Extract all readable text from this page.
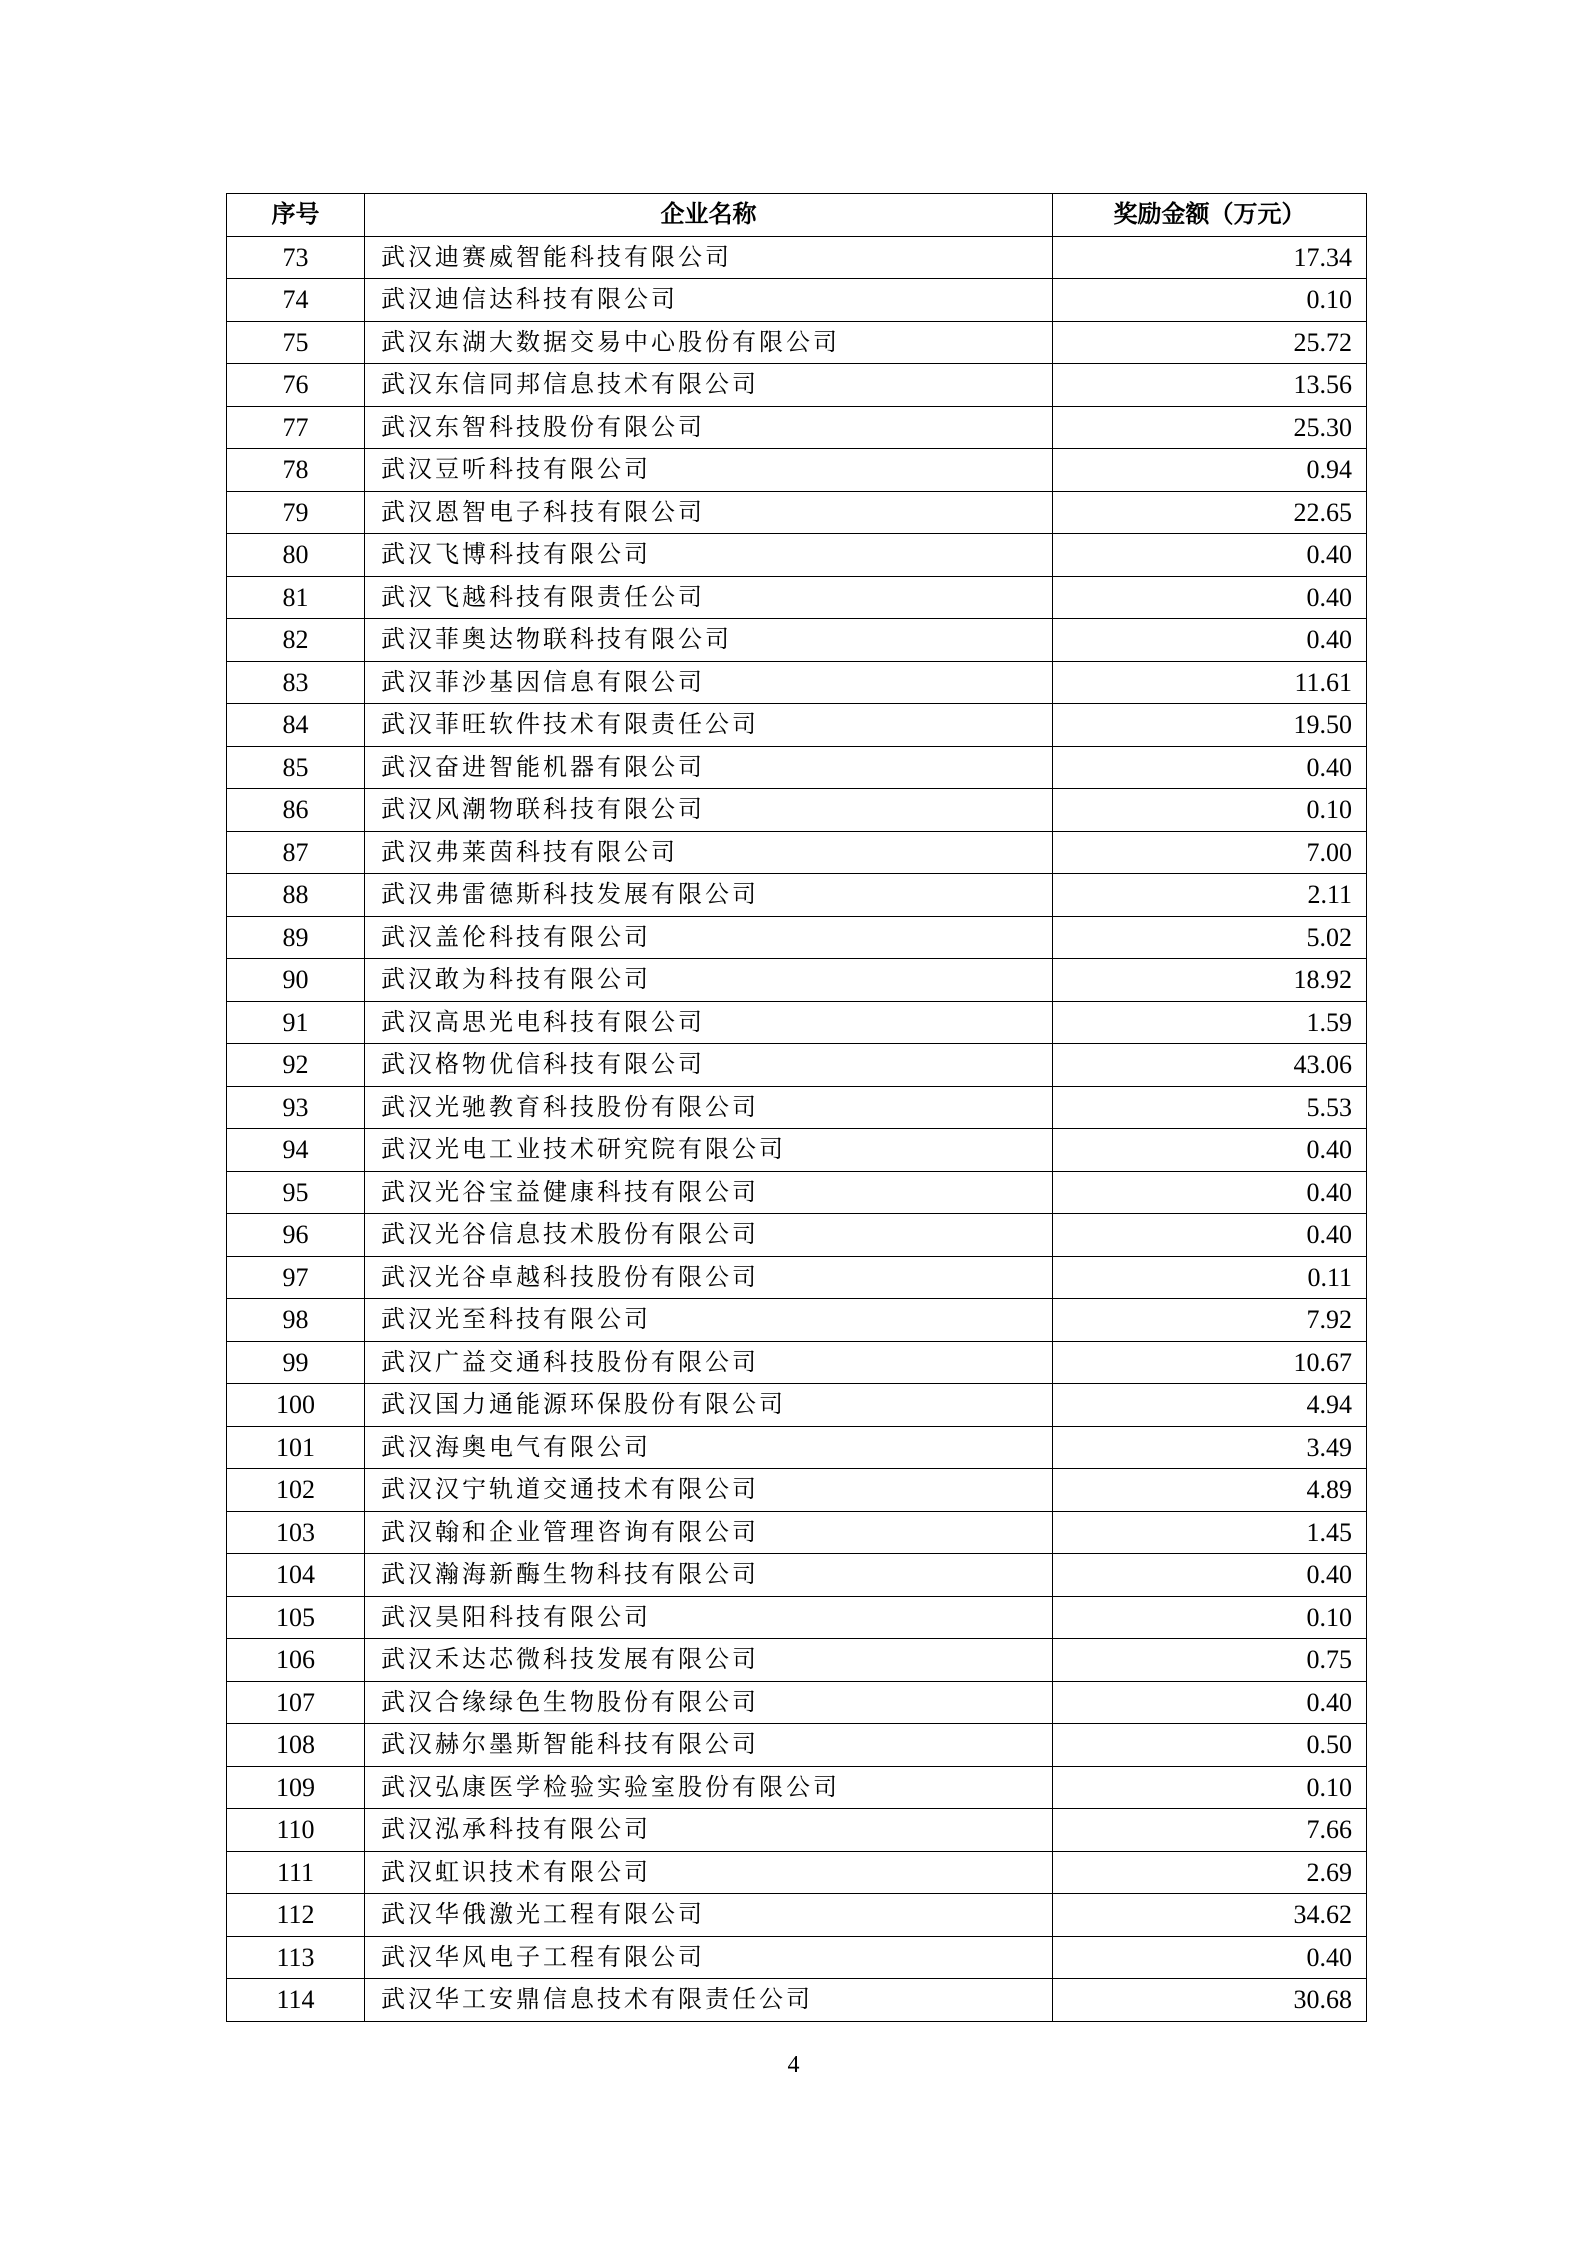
序号	企业名称	奖励金额（万元）
73	武汉迪赛威智能科技有限公司	17.34
74	武汉迪信达科技有限公司	0.10
75	武汉东湖大数据交易中心股份有限公司	25.72
76	武汉东信同邦信息技术有限公司	13.56
77	武汉东智科技股份有限公司	25.30
78	武汉豆听科技有限公司	0.94
79	武汉恩智电子科技有限公司	22.65
80	武汉飞博科技有限公司	0.40
81	武汉飞越科技有限责任公司	0.40
82	武汉菲奥达物联科技有限公司	0.40
83	武汉菲沙基因信息有限公司	11.61
84	武汉菲旺软件技术有限责任公司	19.50
85	武汉奋进智能机器有限公司	0.40
86	武汉风潮物联科技有限公司	0.10
87	武汉弗莱茵科技有限公司	7.00
88	武汉弗雷德斯科技发展有限公司	2.11
89	武汉盖伦科技有限公司	5.02
90	武汉敢为科技有限公司	18.92
91	武汉高思光电科技有限公司	1.59
92	武汉格物优信科技有限公司	43.06
93	武汉光驰教育科技股份有限公司	5.53
94	武汉光电工业技术研究院有限公司	0.40
95	武汉光谷宝益健康科技有限公司	0.40
96	武汉光谷信息技术股份有限公司	0.40
97	武汉光谷卓越科技股份有限公司	0.11
98	武汉光至科技有限公司	7.92
99	武汉广益交通科技股份有限公司	10.67
100	武汉国力通能源环保股份有限公司	4.94
101	武汉海奥电气有限公司	3.49
102	武汉汉宁轨道交通技术有限公司	4.89
103	武汉翰和企业管理咨询有限公司	1.45
104	武汉瀚海新酶生物科技有限公司	0.40
105	武汉昊阳科技有限公司	0.10
106	武汉禾达芯微科技发展有限公司	0.75
107	武汉合缘绿色生物股份有限公司	0.40
108	武汉赫尔墨斯智能科技有限公司	0.50
109	武汉弘康医学检验实验室股份有限公司	0.10
110	武汉泓承科技有限公司	7.66
111	武汉虹识技术有限公司	2.69
112	武汉华俄激光工程有限公司	34.62
113	武汉华风电子工程有限公司	0.40
114	武汉华工安鼎信息技术有限责任公司	30.68
4
